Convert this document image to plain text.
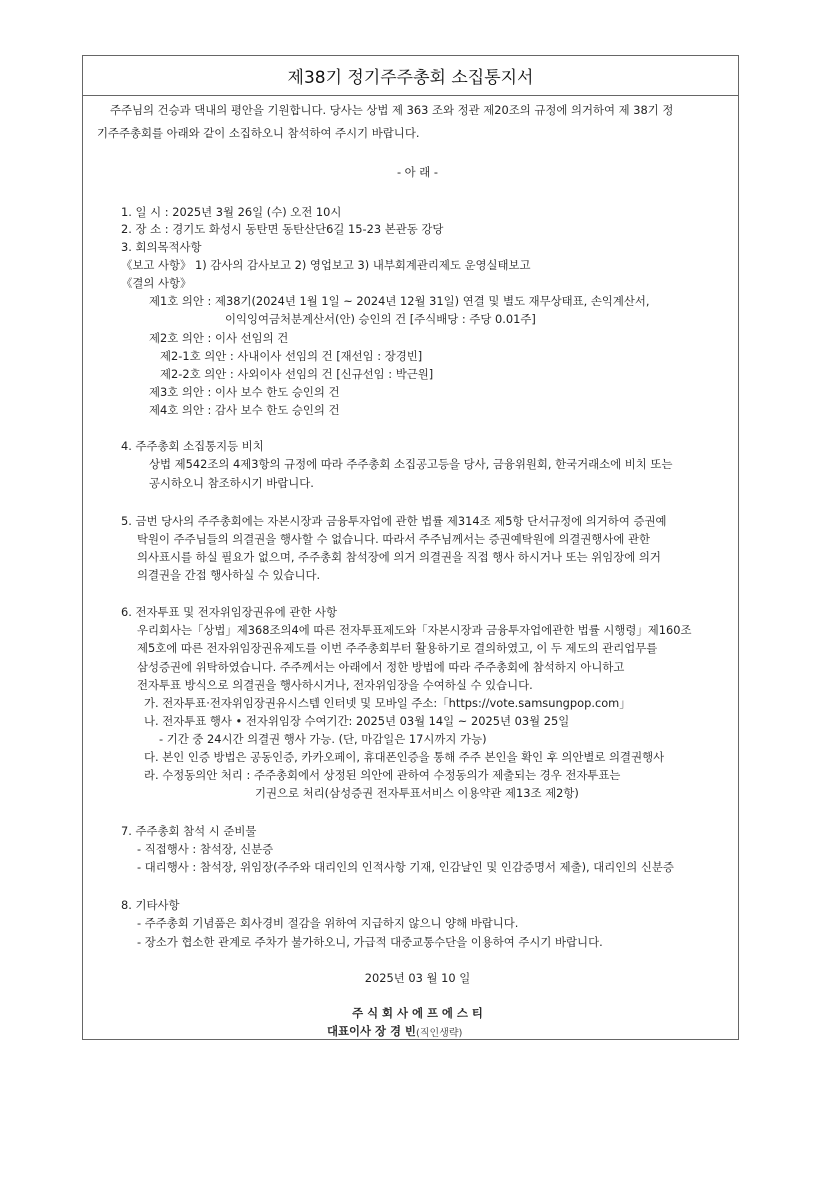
제38기 정기주주총회 소집통지서
주주님의 건승과 댁내의 평안을 기원합니다. 당사는 상법 제 363 조와 정관 제20조의 규정에 의거하여 제 38기 정
기주주총회를 아래와 같이 소집하오니 참석하여 주시기 바랍니다.
- 아 래 -
1. 일 시 : 2025년 3월 26일 (수) 오전 10시
2. 장 소 : 경기도 화성시 동탄면 동탄산단6길 15-23 본관동 강당
3. 회의목적사항
《보고 사항》 1) 감사의 감사보고 2) 영업보고 3) 내부회계관리제도 운영실태보고
《결의 사항》
제1호 의안 : 제38기(2024년 1월 1일 ~ 2024년 12월 31일) 연결 및 별도 재무상태표, 손익계산서,
이익잉여금처분계산서(안) 승인의 건 [주식배당 : 주당 0.01주]
제2호 의안 : 이사 선임의 건
제2-1호 의안 : 사내이사 선임의 건 [재선임 : 장경빈]
제2-2호 의안 : 사외이사 선임의 건 [신규선임 : 박근원]
제3호 의안 : 이사 보수 한도 승인의 건
제4호 의안 : 감사 보수 한도 승인의 건
4. 주주총회 소집통지등 비치
상법 제542조의 4제3항의 규정에 따라 주주총회 소집공고등을 당사, 금융위원회, 한국거래소에 비치 또는
공시하오니 참조하시기 바랍니다.
5. 금번 당사의 주주총회에는 자본시장과 금융투자업에 관한 법률 제314조 제5항 단서규정에 의거하여 증권예
탁원이 주주님들의 의결권을 행사할 수 없습니다. 따라서 주주님께서는 증권예탁원에 의결권행사에 관한
의사표시를 하실 필요가 없으며, 주주총회 참석장에 의거 의결권을 직접 행사 하시거나 또는 위임장에 의거
의결권을 간접 행사하실 수 있습니다.
6. 전자투표 및 전자위임장권유에 관한 사항
우리회사는「상법」제368조의4에 따른 전자투표제도와「자본시장과 금융투자업에관한 법률 시행령」제160조
제5호에 따른 전자위임장권유제도를 이번 주주총회부터 활용하기로 결의하였고, 이 두 제도의 관리업무를
삼성증권에 위탁하였습니다. 주주께서는 아래에서 정한 방법에 따라 주주총회에 참석하지 아니하고
전자투표 방식으로 의결권을 행사하시거나, 전자위임장을 수여하실 수 있습니다.
가. 전자투표·전자위임장권유시스템 인터넷 및 모바일 주소:「https://vote.samsungpop.com」
나. 전자투표 행사 • 전자위임장 수여기간: 2025년 03월 14일 ~ 2025년 03월 25일
- 기간 중 24시간 의결권 행사 가능. (단, 마감일은 17시까지 가능)
다. 본인 인증 방법은 공동인증, 카카오페이, 휴대폰인증을 통해 주주 본인을 확인 후 의안별로 의결권행사
라. 수정동의안 처리 : 주주총회에서 상정된 의안에 관하여 수정동의가 제출되는 경우 전자투표는
기권으로 처리(삼성증권 전자투표서비스 이용약관 제13조 제2항)
7. 주주총회 참석 시 준비물
- 직접행사 : 참석장, 신분증
- 대리행사 : 참석장, 위임장(주주와 대리인의 인적사항 기재, 인감날인 및 인감증명서 제출), 대리인의 신분증
8. 기타사항
- 주주총회 기념품은 회사경비 절감을 위하여 지급하지 않으니 양해 바랍니다.
- 장소가 협소한 관계로 주차가 불가하오니, 가급적 대중교통수단을 이용하여 주시기 바랍니다.
2025년 03 월 10 일
주 식 회 사 에 프 에 스 티
대표이사 장 경 빈 (직인생략)
